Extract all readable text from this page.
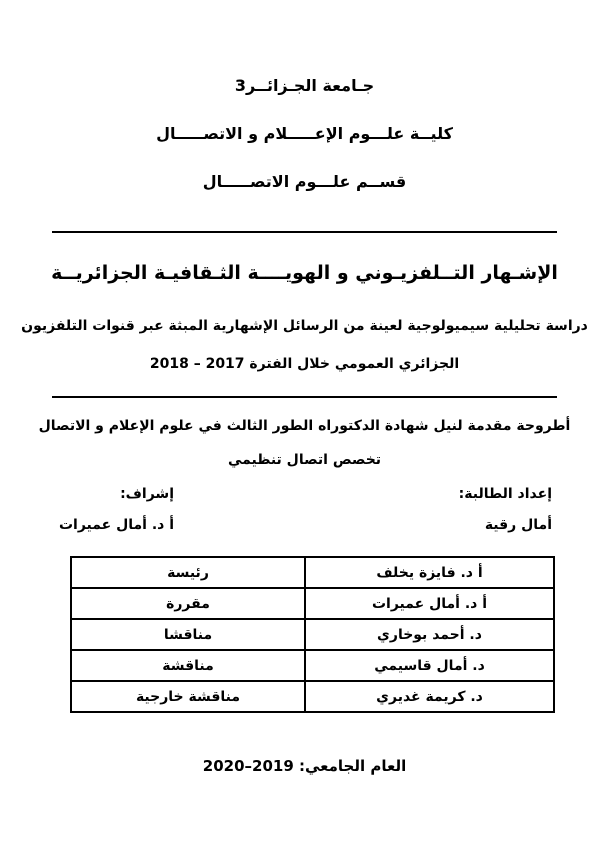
جـامعة الجـزائــر3
كليــة علـــوم الإعـــــلام و الاتصـــــال
قســم علـــوم الاتصـــــال
الإشـهار التــلفزيـوني و الهويــــة الثـقافيـة الجزائريــة
دراسة تحليلية سيميولوجية لعينة من الرسائل الإشهارية المبثة عبر قنوات التلفزيون
الجزائري العمومي خلال الفترة 2017 – 2018
أطروحة مقدمة لنيل شهادة الدكتوراه الطور الثالث في علوم الإعلام و الاتصال
تخصص اتصال تنظيمي
إعداد الطالبة:
أمال رقية
إشراف:
أ د. أمال عميرات
أ د. فايزة يخلف	رئيسة
أ د. أمال عميرات	مقررة
د. أحمد بوخاري	مناقشا
د. أمال قاسيمي	مناقشة
د. كريمة غديري	مناقشة خارجية
العام الجامعي: 2019–2020
